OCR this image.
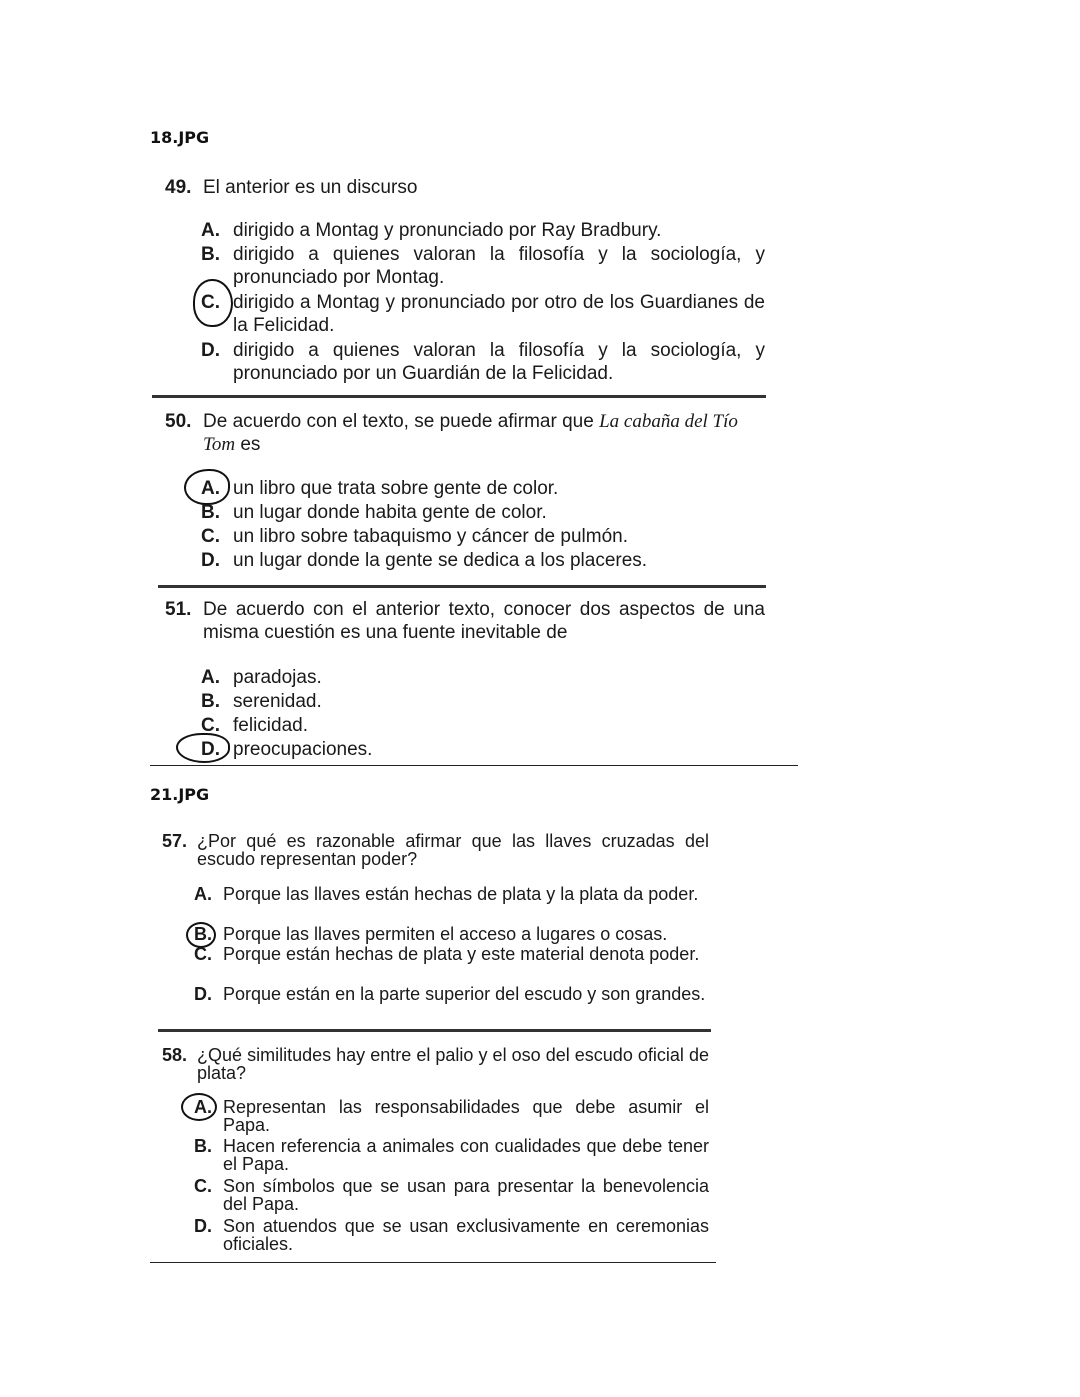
18.JPG
49. El anterior es un discurso
A. dirigido a Montag y pronunciado por Ray Bradbury.
B. dirigido a quienes valoran la filosofía y la sociología, y pronunciado por Montag.
C. dirigido a Montag y pronunciado por otro de los Guardianes de la Felicidad.
D. dirigido a quienes valoran la filosofía y la sociología, y pronunciado por un Guardián de la Felicidad.
50. De acuerdo con el texto, se puede afirmar que La cabaña del Tío Tom es
A. un libro que trata sobre gente de color.
B. un lugar donde habita gente de color.
C. un libro sobre tabaquismo y cáncer de pulmón.
D. un lugar donde la gente se dedica a los placeres.
51. De acuerdo con el anterior texto, conocer dos aspectos de una misma cuestión es una fuente inevitable de
A. paradojas.
B. serenidad.
C. felicidad.
D. preocupaciones.
21.JPG
57. ¿Por qué es razonable afirmar que las llaves cruzadas del escudo representan poder?
A. Porque las llaves están hechas de plata y la plata da poder.
B. Porque las llaves permiten el acceso a lugares o cosas.
C. Porque están hechas de plata y este material denota poder.
D. Porque están en la parte superior del escudo y son grandes.
58. ¿Qué similitudes hay entre el palio y el oso del escudo oficial de plata?
A. Representan las responsabilidades que debe asumir el Papa.
B. Hacen referencia a animales con cualidades que debe tener el Papa.
C. Son símbolos que se usan para presentar la benevolencia del Papa.
D. Son atuendos que se usan exclusivamente en ceremonias oficiales.
